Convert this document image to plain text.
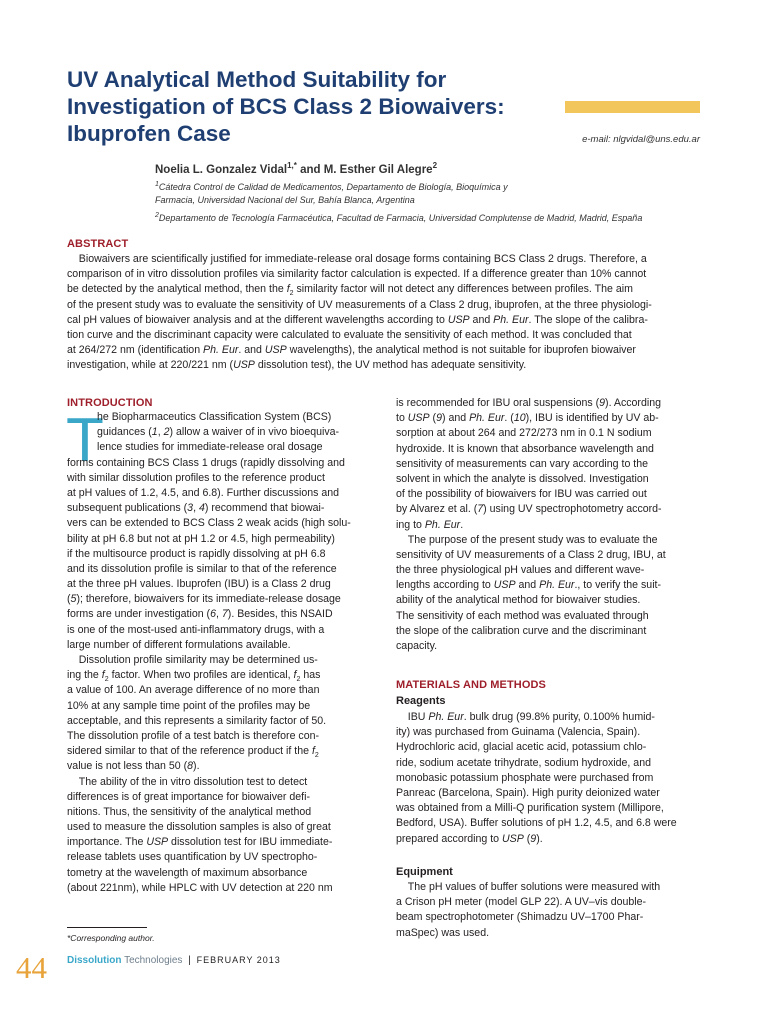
UV Analytical Method Suitability for
Investigation of BCS Class 2 Biowaivers:
Ibuprofen Case	e-mail: nlgvidal@uns.edu.ar
Noelia L. Gonzalez Vidal$^{1,*}$ and M. Esther Gil Alegre$^2$
$^1$Cátedra Control de Calidad de Medicamentos, Departamento de Biología, Bioquímica y
Farmacia, Universidad Nacional del Sur, Bahía Blanca, Argentina
$^2$Departamento de Tecnología Farmacéutica, Facultad de Farmacia, Universidad Complutense de Madrid, Madrid, España
ABSTRACT
Biowaivers are scientifically justified for immediate-release oral dosage forms containing BCS Class 2 drugs. Therefore, a
comparison of in vitro dissolution profiles via similarity factor calculation is expected. If a difference greater than 10% cannot
be detected by the analytical method, then the $f_2$ similarity factor will not detect any differences between profiles. The aim
of the present study was to evaluate the sensitivity of UV measurements of a Class 2 drug, ibuprofen, at the three physiologi-
cal pH values of biowaiver analysis and at the different wavelengths according to USP and Ph. Eur. The slope of the calibra-
tion curve and the discriminant capacity were calculated to evaluate the sensitivity of each method. It was concluded that
at 264/272 nm (identification Ph. Eur. and USP wavelengths), the analytical method is not suitable for ibuprofen biowaiver
investigation, while at 220/221 nm (USP dissolution test), the UV method has adequate sensitivity.
INTRODUCTION
T
he Biopharmaceutics Classification System (BCS)
guidances (1, 2) allow a waiver of in vivo bioequiva-
lence studies for immediate-release oral dosage
forms containing BCS Class 1 drugs (rapidly dissolving and
with similar dissolution profiles to the reference product
at pH values of 1.2, 4.5, and 6.8). Further discussions and
subsequent publications (3, 4) recommend that biowai-
vers can be extended to BCS Class 2 weak acids (high solu-
bility at pH 6.8 but not at pH 1.2 or 4.5, high permeability)
if the multisource product is rapidly dissolving at pH 6.8
and its dissolution profile is similar to that of the reference
at the three pH values. Ibuprofen (IBU) is a Class 2 drug
(5); therefore, biowaivers for its immediate-release dosage
forms are under investigation (6, 7). Besides, this NSAID
is one of the most-used anti-inflammatory drugs, with a
large number of different formulations available.
Dissolution profile similarity may be determined us-
ing the $f_2$ factor. When two profiles are identical, $f_2$ has
a value of 100. An average difference of no more than
10% at any sample time point of the profiles may be
acceptable, and this represents a similarity factor of 50.
The dissolution profile of a test batch is therefore con-
sidered similar to that of the reference product if the $f_2$
value is not less than 50 (8).
The ability of the in vitro dissolution test to detect
differences is of great importance for biowaiver defi-
nitions. Thus, the sensitivity of the analytical method
used to measure the dissolution samples is also of great
importance. The USP dissolution test for IBU immediate-
release tablets uses quantification by UV spectropho-
tometry at the wavelength of maximum absorbance
(about 221nm), while HPLC with UV detection at 220 nm
is recommended for IBU oral suspensions (9). According
to USP (9) and Ph. Eur. (10), IBU is identified by UV ab-
sorption at about 264 and 272/273 nm in 0.1 N sodium
hydroxide. It is known that absorbance wavelength and
sensitivity of measurements can vary according to the
solvent in which the analyte is dissolved. Investigation
of the possibility of biowaivers for IBU was carried out
by Alvarez et al. (7) using UV spectrophotometry accord-
ing to Ph. Eur.
The purpose of the present study was to evaluate the
sensitivity of UV measurements of a Class 2 drug, IBU, at
the three physiological pH values and different wave-
lengths according to USP and Ph. Eur., to verify the suit-
ability of the analytical method for biowaiver studies.
The sensitivity of each method was evaluated through
the slope of the calibration curve and the discriminant
capacity.
MATERIALS AND METHODS
Reagents
IBU Ph. Eur. bulk drug (99.8% purity, 0.100% humid-
ity) was purchased from Guinama (Valencia, Spain).
Hydrochloric acid, glacial acetic acid, potassium chlo-
ride, sodium acetate trihydrate, sodium hydroxide, and
monobasic potassium phosphate were purchased from
Panreac (Barcelona, Spain). High purity deionized water
was obtained from a Milli-Q purification system (Millipore,
Bedford, USA). Buffer solutions of pH 1.2, 4.5, and 6.8 were
prepared according to USP (9).
Equipment
The pH values of buffer solutions were measured with
a Crison pH meter (model GLP 22). A UV–vis double-
beam spectrophotometer (Shimadzu UV–1700 Phar-
maSpec) was used.
*Corresponding author.
44 Dissolution Technologies | FEBRUARY 2013
